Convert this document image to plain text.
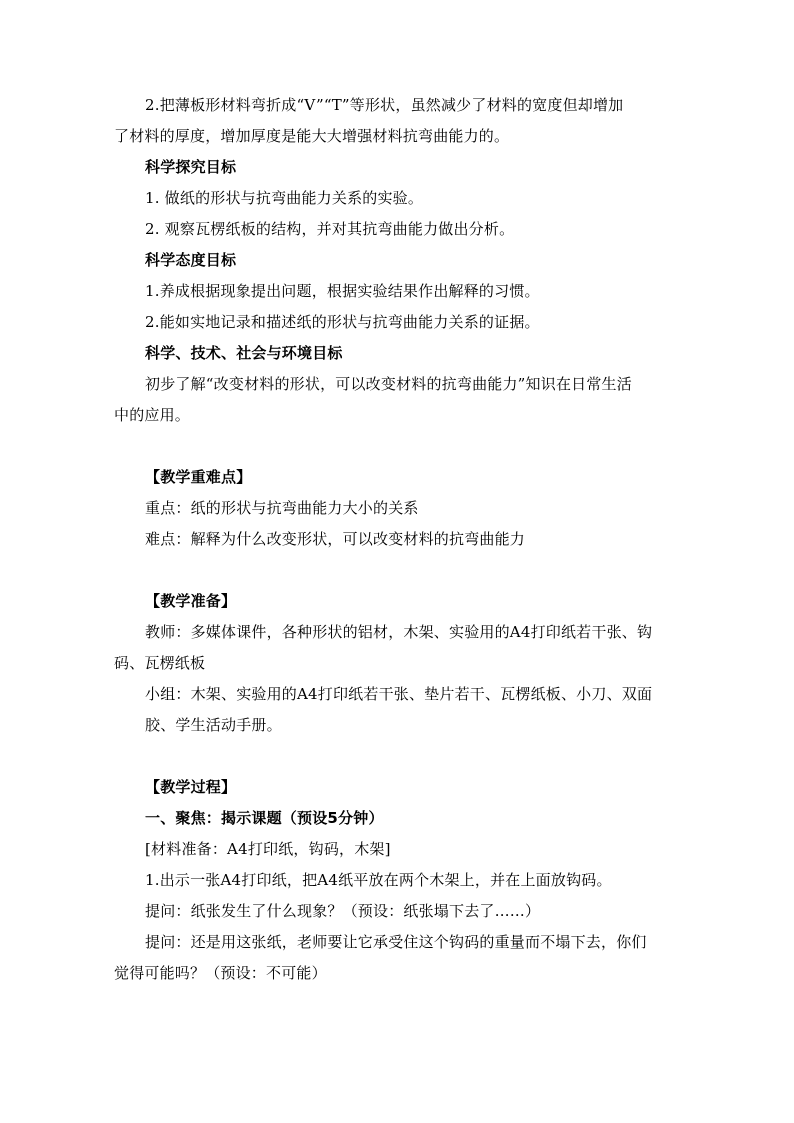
2.把薄板形材料弯折成“V”“T”等形状，虽然减少了材料的宽度但却增加
了材料的厚度，增加厚度是能大大增强材料抗弯曲能力的。
科学探究目标
1. 做纸的形状与抗弯曲能力关系的实验。
2. 观察瓦楞纸板的结构，并对其抗弯曲能力做出分析。
科学态度目标
1.养成根据现象提出问题，根据实验结果作出解释的习惯。
2.能如实地记录和描述纸的形状与抗弯曲能力关系的证据。
科学、技术、社会与环境目标
初步了解“改变材料的形状，可以改变材料的抗弯曲能力”知识在日常生活
中的应用。
【教学重难点】
重点：纸的形状与抗弯曲能力大小的关系
难点：解释为什么改变形状，可以改变材料的抗弯曲能力
【教学准备】
教师：多媒体课件，各种形状的铝材，木架、实验用的A4打印纸若干张、钩
码、瓦楞纸板
小组：木架、实验用的A4打印纸若干张、垫片若干、瓦楞纸板、小刀、双面
胶、学生活动手册。
【教学过程】
一、聚焦：揭示课题（预设5分钟）
[材料准备：A4打印纸，钩码，木架]
1.出示一张A4打印纸，把A4纸平放在两个木架上，并在上面放钩码。
提问：纸张发生了什么现象？（预设：纸张塌下去了……）
提问：还是用这张纸，老师要让它承受住这个钩码的重量而不塌下去，你们
觉得可能吗？（预设：不可能）
